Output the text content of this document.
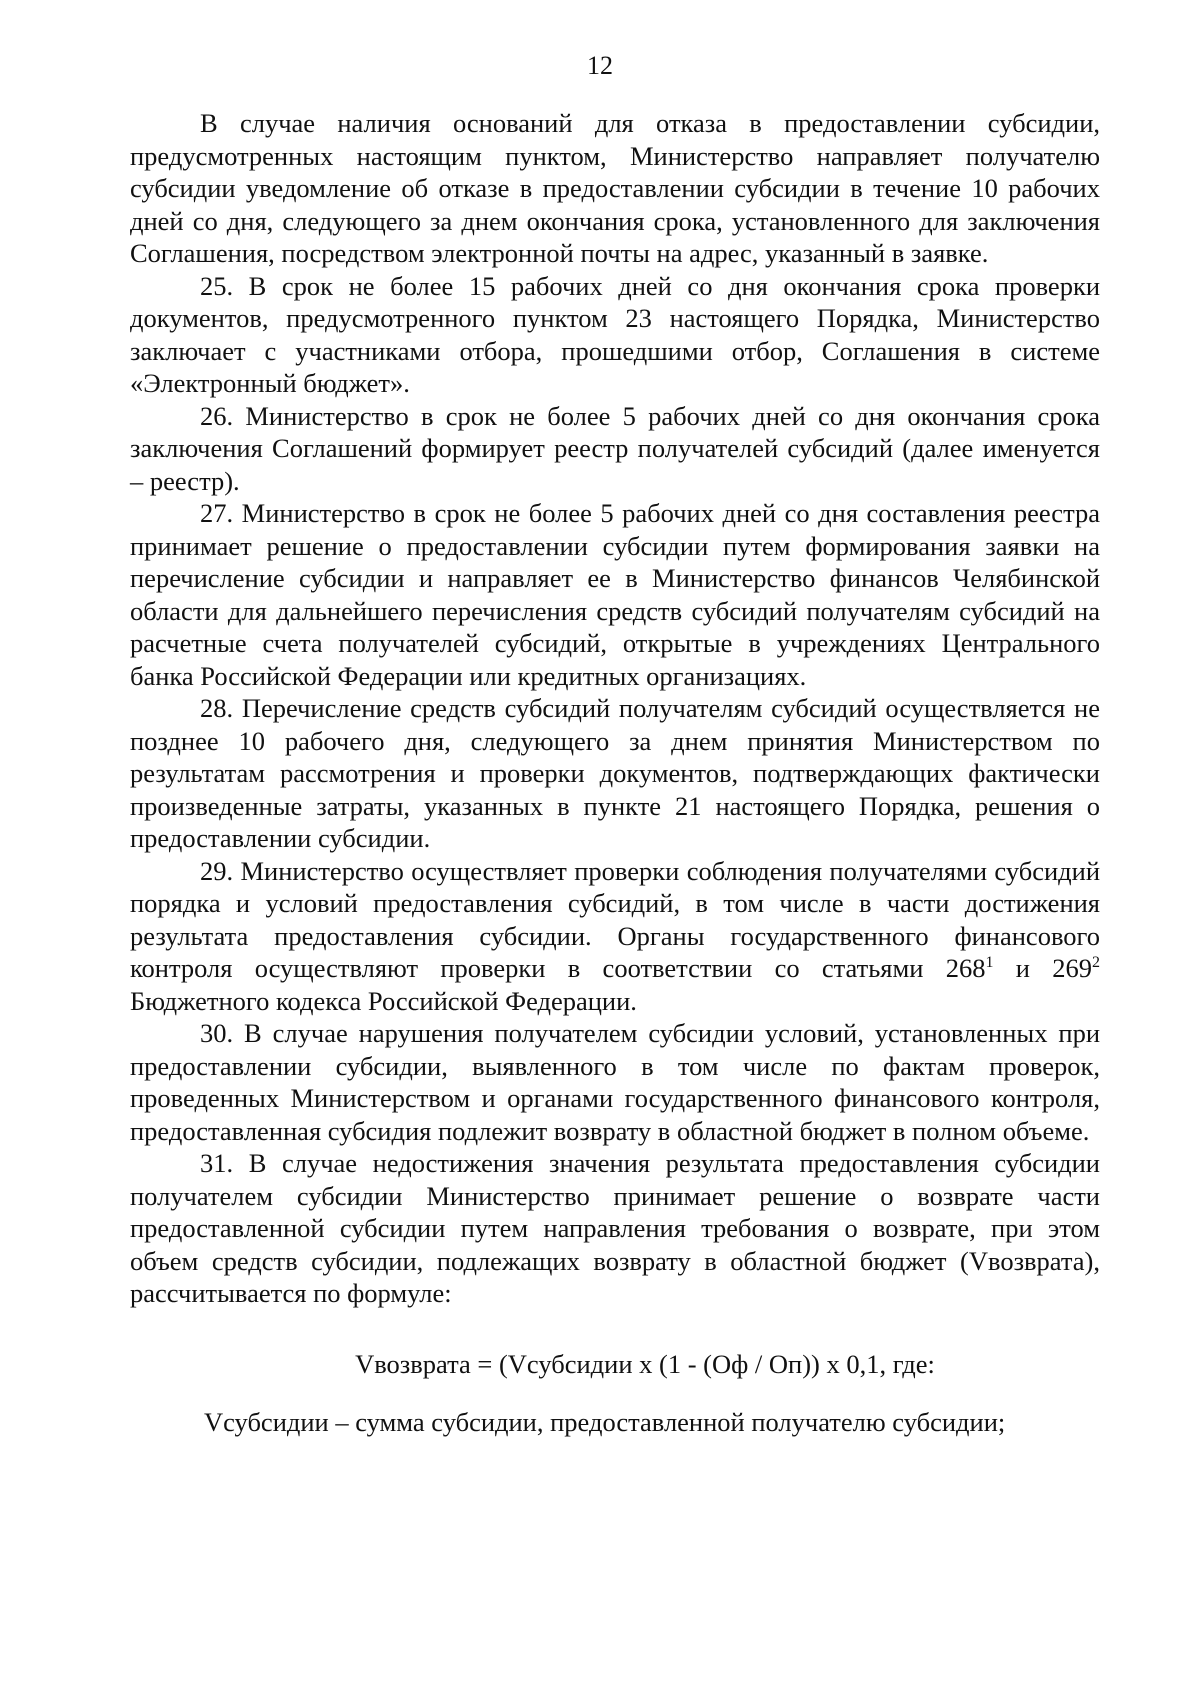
12

В случае наличия оснований для отказа в предоставлении субсидии, предусмотренных настоящим пунктом, Министерство направляет получателю субсидии уведомление об отказе в предоставлении субсидии в течение 10 рабочих дней со дня, следующего за днем окончания срока, установленного для заключения Соглашения, посредством электронной почты на адрес, указанный в заявке.

25. В срок не более 15 рабочих дней со дня окончания срока проверки документов, предусмотренного пунктом 23 настоящего Порядка, Министерство заключает с участниками отбора, прошедшими отбор, Соглашения в системе «Электронный бюджет».

26. Министерство в срок не более 5 рабочих дней со дня окончания срока заключения Соглашений формирует реестр получателей субсидий (далее именуется – реестр).

27. Министерство в срок не более 5 рабочих дней со дня составления реестра принимает решение о предоставлении субсидии путем формирования заявки на перечисление субсидии и направляет ее в Министерство финансов Челябинской области для дальнейшего перечисления средств субсидий получателям субсидий на расчетные счета получателей субсидий, открытые в учреждениях Центрального банка Российской Федерации или кредитных организациях.

28. Перечисление средств субсидий получателям субсидий осуществляется не позднее 10 рабочего дня, следующего за днем принятия Министерством по результатам рассмотрения и проверки документов, подтверждающих фактически произведенные затраты, указанных в пункте 21 настоящего Порядка, решения о предоставлении субсидии.

29. Министерство осуществляет проверки соблюдения получателями субсидий порядка и условий предоставления субсидий, в том числе в части достижения результата предоставления субсидии. Органы государственного финансового контроля осуществляют проверки в соответствии со статьями $268^1$ и $269^2$ Бюджетного кодекса Российской Федерации.

30. В случае нарушения получателем субсидии условий, установленных при предоставлении субсидии, выявленного в том числе по фактам проверок, проведенных Министерством и органами государственного финансового контроля, предоставленная субсидия подлежит возврату в областной бюджет в полном объеме.

31. В случае недостижения значения результата предоставления субсидии получателем субсидии Министерство принимает решение о возврате части предоставленной субсидии путем направления требования о возврате, при этом объем средств субсидии, подлежащих возврату в областной бюджет (Vвозврата), рассчитывается по формуле:

Vвозврата = (Vсубсидии x (1 - (Оф / Оп)) x 0,1, где:

Vсубсидии – сумма субсидии, предоставленной получателю субсидии;
